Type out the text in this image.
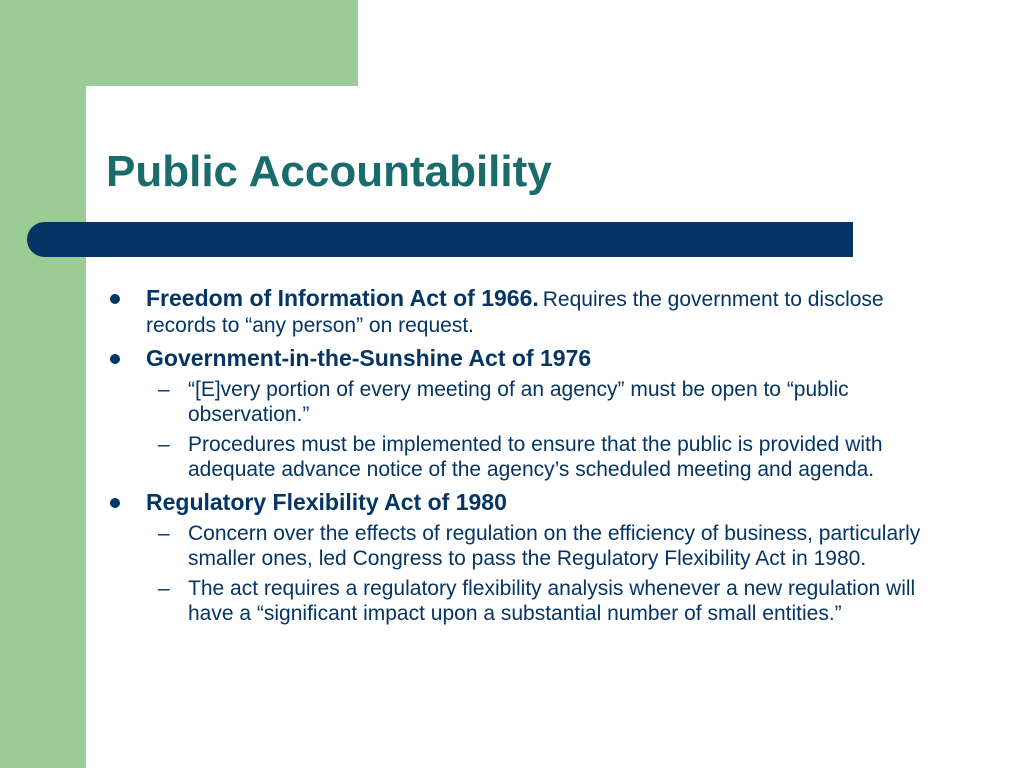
Public Accountability
Freedom of Information Act of 1966. Requires the government to disclose records to “any person” on request.
Government-in-the-Sunshine Act of 1976
– “[E]very portion of every meeting of an agency” must be open to “public observation.”
– Procedures must be implemented to ensure that the public is provided with adequate advance notice of the agency’s scheduled meeting and agenda.
Regulatory Flexibility Act of 1980
– Concern over the effects of regulation on the efficiency of business, particularly smaller ones, led Congress to pass the Regulatory Flexibility Act in 1980.
– The act requires a regulatory flexibility analysis whenever a new regulation will have a “significant impact upon a substantial number of small entities.”
